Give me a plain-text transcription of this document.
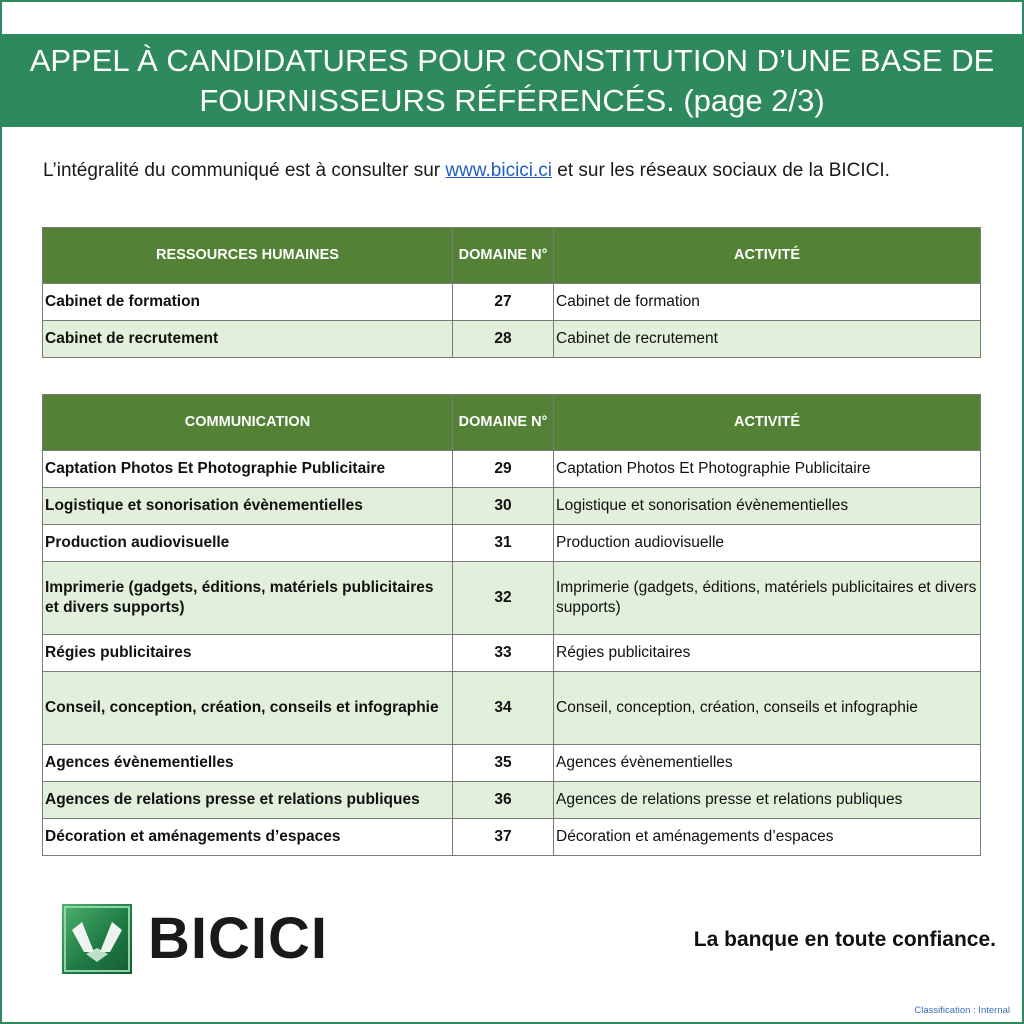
APPEL À CANDIDATURES POUR CONSTITUTION D’UNE BASE DE
FOURNISSEURS RÉFÉRENCÉS. (page 2/3)
L’intégralité du communiqué est à consulter sur www.bicici.ci et sur les réseaux sociaux de la BICICI.
RESSOURCES HUMAINES	DOMAINE N°	ACTIVITÉ
Cabinet de formation	27	Cabinet de formation
Cabinet de recrutement	28	Cabinet de recrutement
COMMUNICATION	DOMAINE N°	ACTIVITÉ
Captation Photos Et Photographie Publicitaire	29	Captation Photos Et Photographie Publicitaire
Logistique et sonorisation évènementielles	30	Logistique et sonorisation évènementielles
Production audiovisuelle	31	Production audiovisuelle
Imprimerie (gadgets, éditions, matériels publicitaires et divers supports)	32	Imprimerie (gadgets, éditions, matériels publicitaires et divers supports)
Régies publicitaires	33	Régies publicitaires
Conseil, conception, création, conseils et infographie	34	Conseil, conception, création, conseils et infographie
Agences évènementielles	35	Agences évènementielles
Agences de relations presse et relations publiques	36	Agences de relations presse et relations publiques
Décoration et aménagements d’espaces	37	Décoration et aménagements d’espaces
BICICI	La banque en toute confiance.
Classification : Internal
